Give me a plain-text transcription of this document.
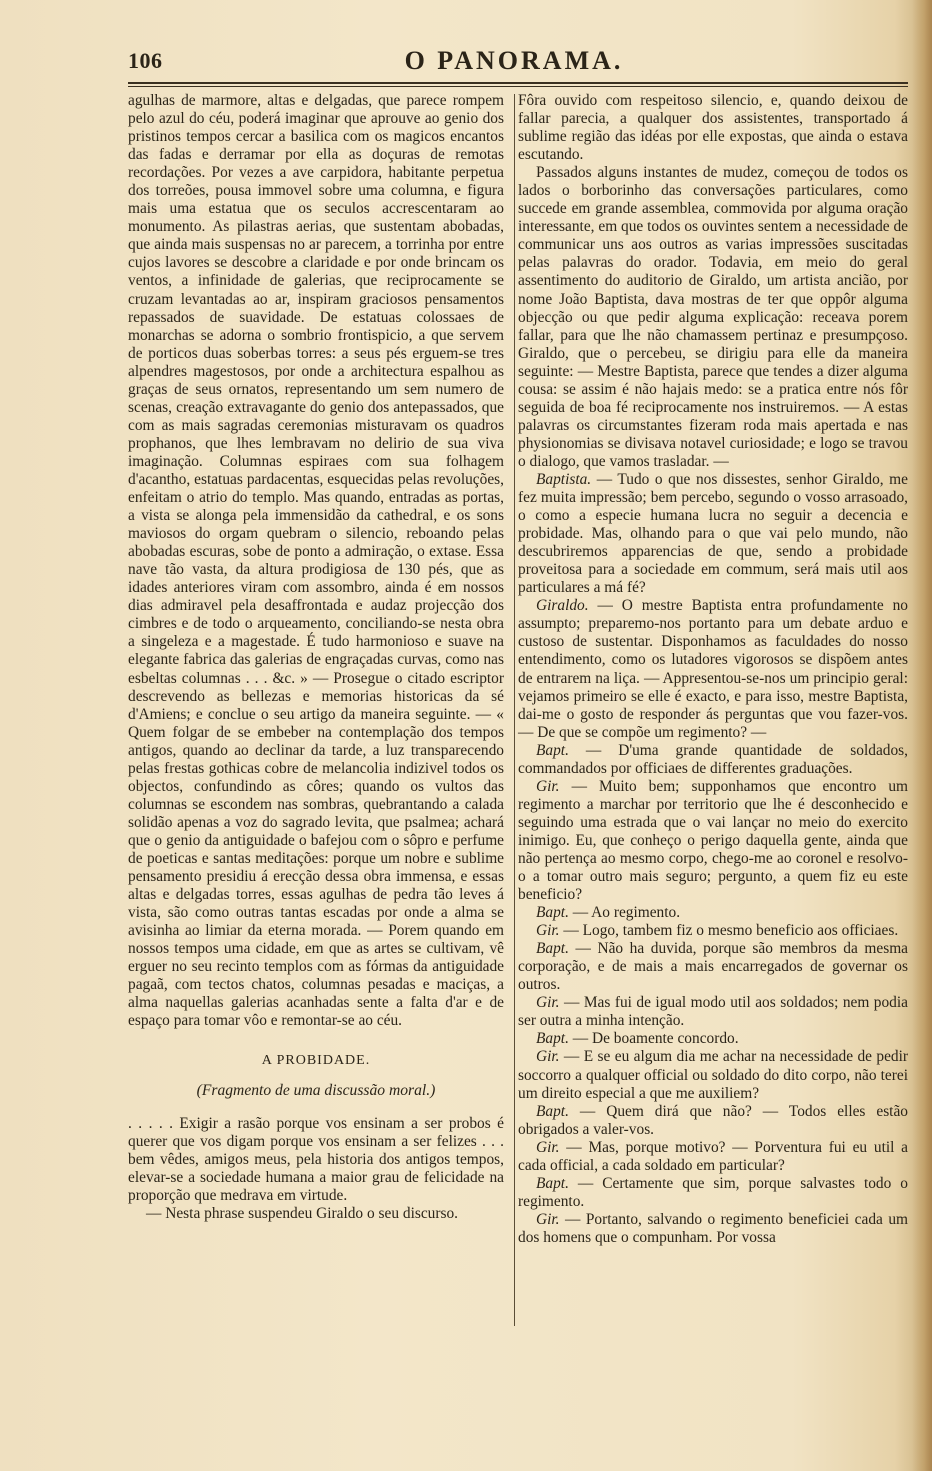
106	O PANORAMA.

agulhas de marmore, altas e delgadas, que parece rompem pelo azul do céu, poderá imaginar que aprouve ao genio dos pristinos tempos cercar a basilica com os magicos encantos das fadas e derramar por ella as doçuras de remotas recordações. Por vezes a ave carpidora, habitante perpetua dos torreões, pousa immovel sobre uma columna, e figura mais uma estatua que os seculos accrescentaram ao monumento. As pilastras aerias, que sustentam abobadas, que ainda mais suspensas no ar parecem, a torrinha por entre cujos lavores se descobre a claridade e por onde brincam os ventos, a infinidade de galerias, que reciprocamente se cruzam levantadas ao ar, inspiram graciosos pensamentos repassados de suavidade. De estatuas colossaes de monarchas se adorna o sombrio frontispicio, a que servem de porticos duas soberbas torres: a seus pés erguem-se tres alpendres magestosos, por onde a architectura espalhou as graças de seus ornatos, representando um sem numero de scenas, creação extravagante do genio dos antepassados, que com as mais sagradas ceremonias misturavam os quadros prophanos, que lhes lembravam no delirio de sua viva imaginação. Columnas espiraes com sua folhagem d'acantho, estatuas pardacentas, esquecidas pelas revoluções, enfeitam o atrio do templo. Mas quando, entradas as portas, a vista se alonga pela immensidão da cathedral, e os sons maviosos do orgam quebram o silencio, reboando pelas abobadas escuras, sobe de ponto a admiração, o extase. Essa nave tão vasta, da altura prodigiosa de 130 pés, que as idades anteriores viram com assombro, ainda é em nossos dias admiravel pela desaffrontada e audaz projecção dos cimbres e de todo o arqueamento, conciliando-se nesta obra a singeleza e a magestade. É tudo harmonioso e suave na elegante fabrica das galerias de engraçadas curvas, como nas esbeltas columnas . . . &c. » — Prosegue o citado escriptor descrevendo as bellezas e memorias historicas da sé d'Amiens; e conclue o seu artigo da maneira seguinte. — « Quem folgar de se embeber na contemplação dos tempos antigos, quando ao declinar da tarde, a luz transparecendo pelas frestas gothicas cobre de melancolia indizivel todos os objectos, confundindo as côres; quando os vultos das columnas se escondem nas sombras, quebrantando a calada solidão apenas a voz do sagrado levita, que psalmea; achará que o genio da antiguidade o bafejou com o sôpro e perfume de poeticas e santas meditações: porque um nobre e sublime pensamento presidiu á erecção dessa obra immensa, e essas altas e delgadas torres, essas agulhas de pedra tão leves á vista, são como outras tantas escadas por onde a alma se avisinha ao limiar da eterna morada. — Porem quando em nossos tempos uma cidade, em que as artes se cultivam, vê erguer no seu recinto templos com as fórmas da antiguidade pagaã, com tectos chatos, columnas pesadas e maciças, a alma naquellas galerias acanhadas sente a falta d'ar e de espaço para tomar vôo e remontar-se ao céu.

A PROBIDADE.
(Fragmento de uma discussão moral.)

. . . . . Exigir a rasão porque vos ensinam a ser probos é querer que vos digam porque vos ensinam a ser felizes . . . bem vêdes, amigos meus, pela historia dos antigos tempos, elevar-se a sociedade humana a maior grau de felicidade na proporção que medrava em virtude.

— Nesta phrase suspendeu Giraldo o seu discurso.

Fôra ouvido com respeitoso silencio, e, quando deixou de fallar parecia, a qualquer dos assistentes, transportado á sublime região das idéas por elle expostas, que ainda o estava escutando.

Passados alguns instantes de mudez, começou de todos os lados o borborinho das conversações particulares, como succede em grande assemblea, commovida por alguma oração interessante, em que todos os ouvintes sentem a necessidade de communicar uns aos outros as varias impressões suscitadas pelas palavras do orador. Todavia, em meio do geral assentimento do auditorio de Giraldo, um artista ancião, por nome João Baptista, dava mostras de ter que oppôr alguma objecção ou que pedir alguma explicação: receava porem fallar, para que lhe não chamassem pertinaz e presumpçoso. Giraldo, que o percebeu, se dirigiu para elle da maneira seguinte: — Mestre Baptista, parece que tendes a dizer alguma cousa: se assim é não hajais medo: se a pratica entre nós fôr seguida de boa fé reciprocamente nos instruiremos. — A estas palavras os circumstantes fizeram roda mais apertada e nas physionomias se divisava notavel curiosidade; e logo se travou o dialogo, que vamos trasladar. —

Baptista. — Tudo o que nos dissestes, senhor Giraldo, me fez muita impressão; bem percebo, segundo o vosso arrasoado, o como a especie humana lucra no seguir a decencia e probidade. Mas, olhando para o que vai pelo mundo, não descubriremos apparencias de que, sendo a probidade proveitosa para a sociedade em commum, será mais util aos particulares a má fé?

Giraldo. — O mestre Baptista entra profundamente no assumpto; preparemo-nos portanto para um debate arduo e custoso de sustentar. Disponhamos as faculdades do nosso entendimento, como os lutadores vigorosos se dispõem antes de entrarem na liça. — Appresentou-se-nos um principio geral: vejamos primeiro se elle é exacto, e para isso, mestre Baptista, dai-me o gosto de responder ás perguntas que vou fazer-vos. — De que se compõe um regimento? —

Bapt. — D'uma grande quantidade de soldados, commandados por officiaes de differentes graduações.

Gir. — Muito bem; supponhamos que encontro um regimento a marchar por territorio que lhe é desconhecido e seguindo uma estrada que o vai lançar no meio do exercito inimigo. Eu, que conheço o perigo daquella gente, ainda que não pertença ao mesmo corpo, chego-me ao coronel e resolvo-o a tomar outro mais seguro; pergunto, a quem fiz eu este beneficio?

Bapt. — Ao regimento.

Gir. — Logo, tambem fiz o mesmo beneficio aos officiaes.

Bapt. — Não ha duvida, porque são membros da mesma corporação, e de mais a mais encarregados de governar os outros.

Gir. — Mas fui de igual modo util aos soldados; nem podia ser outra a minha intenção.

Bapt. — De boamente concordo.

Gir. — E se eu algum dia me achar na necessidade de pedir soccorro a qualquer official ou soldado do dito corpo, não terei um direito especial a que me auxiliem?

Bapt. — Quem dirá que não? — Todos elles estão obrigados a valer-vos.

Gir. — Mas, porque motivo? — Porventura fui eu util a cada official, a cada soldado em particular?

Bapt. — Certamente que sim, porque salvastes todo o regimento.

Gir. — Portanto, salvando o regimento beneficiei cada um dos homens que o compunham. Por vossa
